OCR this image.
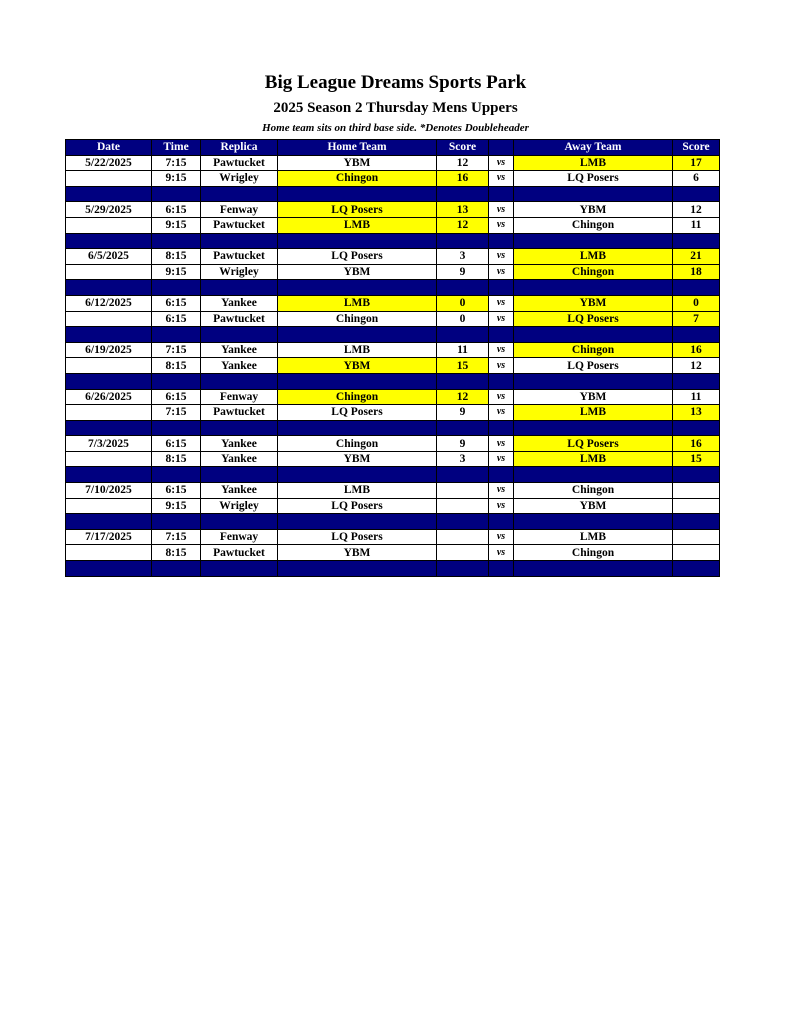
Big League Dreams Sports Park
2025 Season 2 Thursday Mens Uppers
Home team sits on third base side. *Denotes Doubleheader
Date	Time	Replica	Home Team	Score		Away Team	Score
5/22/2025	7:15	Pawtucket	YBM	12	vs	LMB	17
	9:15	Wrigley	Chingon	16	vs	LQ Posers	6

5/29/2025	6:15	Fenway	LQ Posers	13	vs	YBM	12
	9:15	Pawtucket	LMB	12	vs	Chingon	11

6/5/2025	8:15	Pawtucket	LQ Posers	3	vs	LMB	21
	9:15	Wrigley	YBM	9	vs	Chingon	18

6/12/2025	6:15	Yankee	LMB	0	vs	YBM	0
	6:15	Pawtucket	Chingon	0	vs	LQ Posers	7

6/19/2025	7:15	Yankee	LMB	11	vs	Chingon	16
	8:15	Yankee	YBM	15	vs	LQ Posers	12

6/26/2025	6:15	Fenway	Chingon	12	vs	YBM	11
	7:15	Pawtucket	LQ Posers	9	vs	LMB	13

7/3/2025	6:15	Yankee	Chingon	9	vs	LQ Posers	16
	8:15	Yankee	YBM	3	vs	LMB	15

7/10/2025	6:15	Yankee	LMB		vs	Chingon	
	9:15	Wrigley	LQ Posers		vs	YBM	

7/17/2025	7:15	Fenway	LQ Posers		vs	LMB	
	8:15	Pawtucket	YBM		vs	Chingon	
